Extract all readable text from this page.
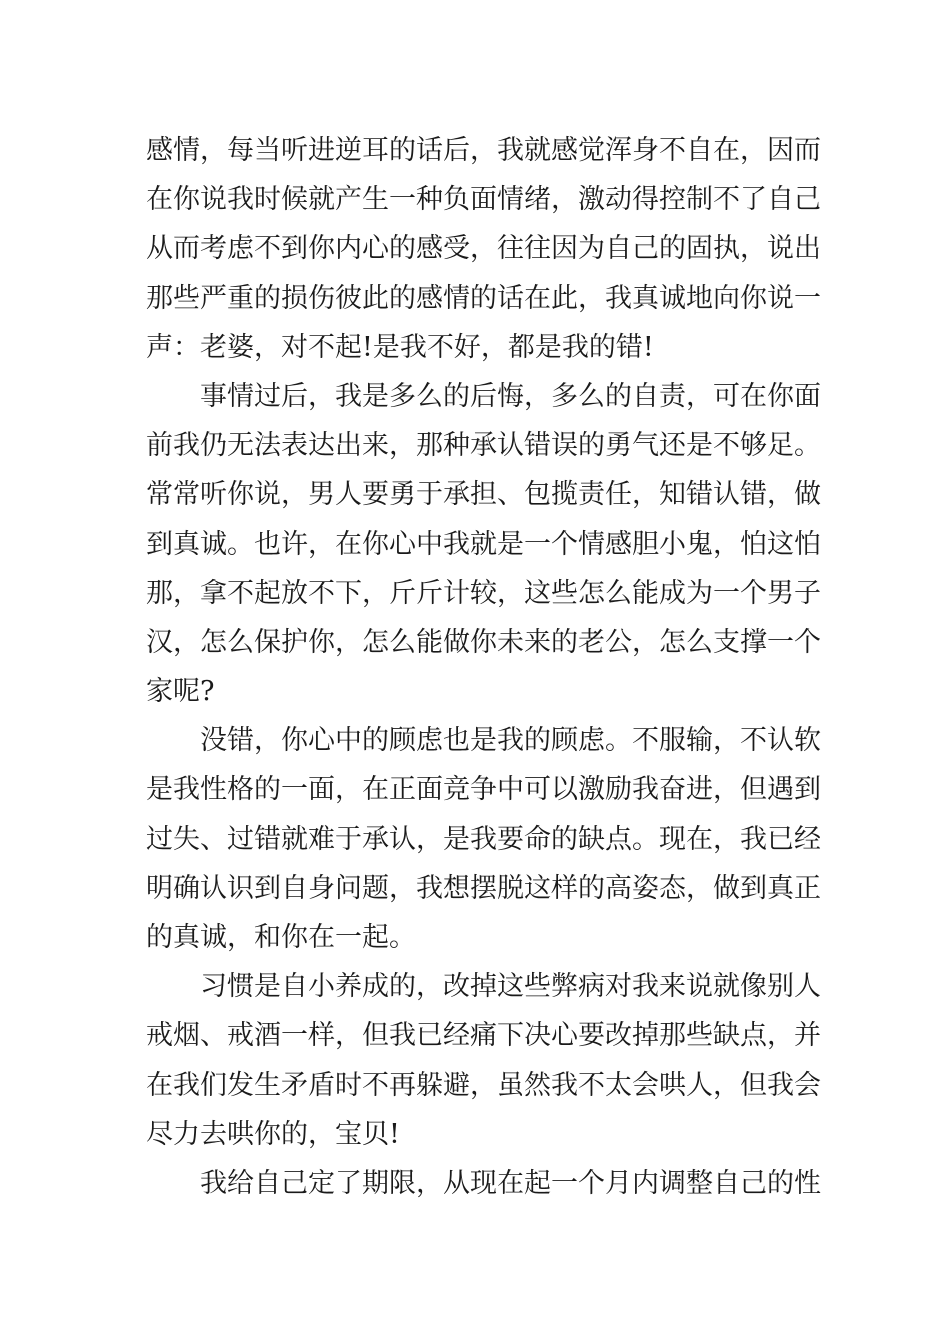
感情，每当听进逆耳的话后，我就感觉浑身不自在，因而
在你说我时候就产生一种负面情绪，激动得控制不了自己
从而考虑不到你内心的感受，往往因为自己的固执，说出
那些严重的损伤彼此的感情的话在此，我真诚地向你说一
声：老婆，对不起!是我不好，都是我的错!
事情过后，我是多么的后悔，多么的自责，可在你面
前我仍无法表达出来，那种承认错误的勇气还是不够足。
常常听你说，男人要勇于承担、包揽责任，知错认错，做
到真诚。也许，在你心中我就是一个情感胆小鬼，怕这怕
那，拿不起放不下，斤斤计较，这些怎么能成为一个男子
汉，怎么保护你，怎么能做你未来的老公，怎么支撑一个
家呢?
没错，你心中的顾虑也是我的顾虑。不服输，不认软
是我性格的一面，在正面竞争中可以激励我奋进，但遇到
过失、过错就难于承认，是我要命的缺点。现在，我已经
明确认识到自身问题，我想摆脱这样的高姿态，做到真正
的真诚，和你在一起。
习惯是自小养成的，改掉这些弊病对我来说就像别人
戒烟、戒酒一样，但我已经痛下决心要改掉那些缺点，并
在我们发生矛盾时不再躲避，虽然我不太会哄人，但我会
尽力去哄你的，宝贝!
我给自己定了期限，从现在起一个月内调整自己的性
